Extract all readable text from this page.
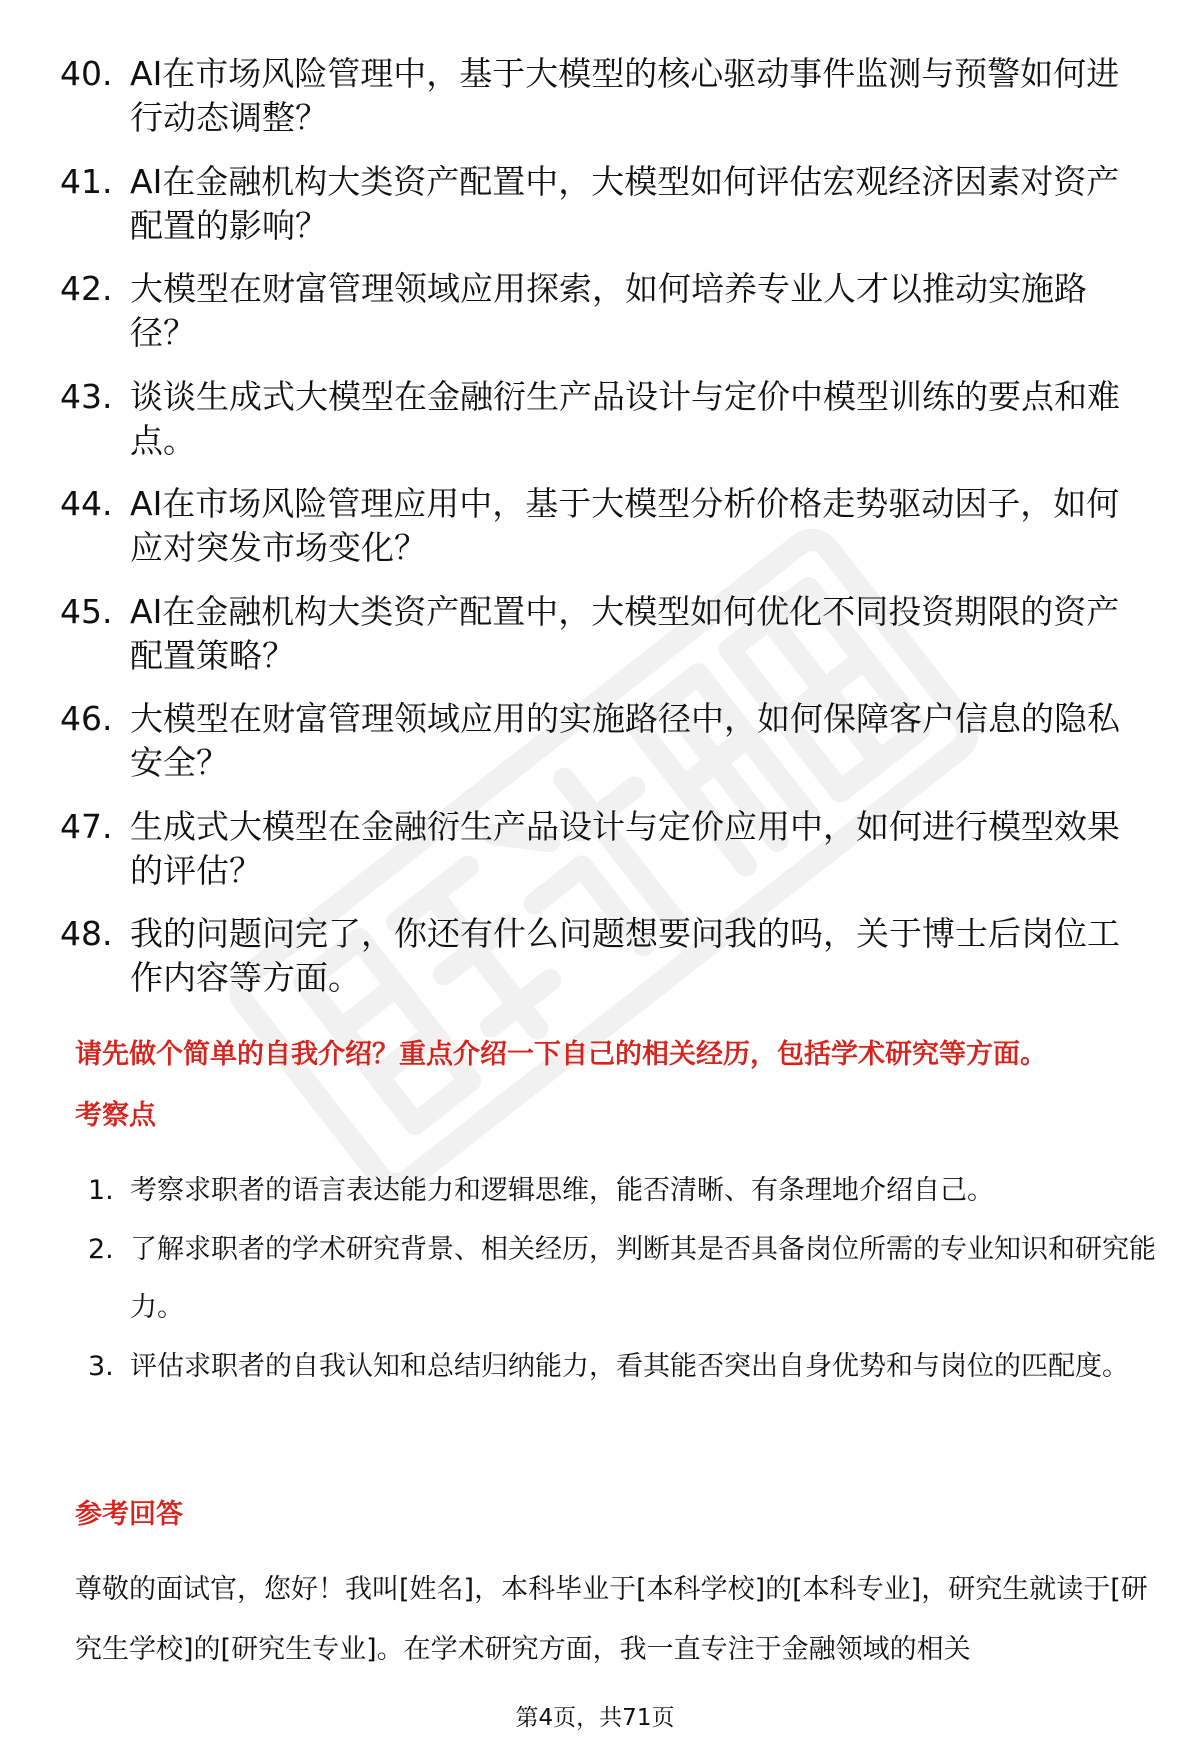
40. AI在市场风险管理中，基于大模型的核心驱动事件监测与预警如何进行动态调整？
41. AI在金融机构大类资产配置中，大模型如何评估宏观经济因素对资产配置的影响？
42. 大模型在财富管理领域应用探索，如何培养专业人才以推动实施路径？
43. 谈谈生成式大模型在金融衍生产品设计与定价中模型训练的要点和难点。
44. AI在市场风险管理应用中，基于大模型分析价格走势驱动因子，如何应对突发市场变化？
45. AI在金融机构大类资产配置中，大模型如何优化不同投资期限的资产配置策略？
46. 大模型在财富管理领域应用的实施路径中，如何保障客户信息的隐私安全？
47. 生成式大模型在金融衍生产品设计与定价应用中，如何进行模型效果的评估？
48. 我的问题问完了，你还有什么问题想要问我的吗，关于博士后岗位工作内容等方面。
请先做个简单的自我介绍？重点介绍一下自己的相关经历，包括学术研究等方面。
考察点
1. 考察求职者的语言表达能力和逻辑思维，能否清晰、有条理地介绍自己。
2. 了解求职者的学术研究背景、相关经历，判断其是否具备岗位所需的专业知识和研究能力。
3. 评估求职者的自我认知和总结归纳能力，看其能否突出自身优势和与岗位的匹配度。
参考回答
尊敬的面试官，您好！我叫[姓名]，本科毕业于[本科学校]的[本科专业]，研究生就读于[研究生学校]的[研究生专业]。在学术研究方面，我一直专注于金融领域的相关
第4页，共71页
